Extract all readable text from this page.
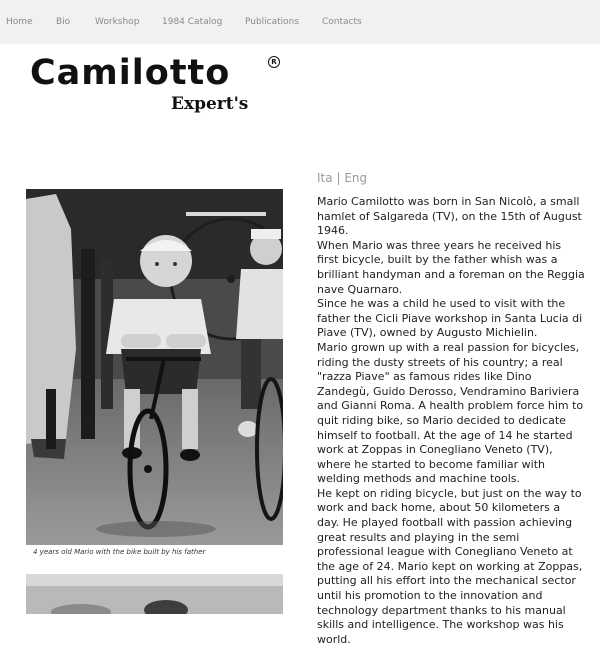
Home	Bio	Workshop	1984 Catalog	Publications	Contacts
Camilotto	R
Expert's
Ita | Eng

Mario Camilotto was born in San Nicolò, a small hamlet of Salgareda (TV), on the 15th of August 1946.

When Mario was three years he received his first bicycle, built by the father whish was a brilliant handyman and a foreman on the Reggia nave Quarnaro.

Since he was a child he used to visit with the father the Cicli Piave workshop in Santa Lucia di Piave (TV), owned by Augusto Michielin.

Mario grown up with a real passion for bicycles, riding the dusty streets of his country; a real "razza Piave" as famous rides like Dino Zandegù, Guido Derosso, Vendramino Bariviera and Gianni Roma. A health problem force him to quit riding bike, so Mario decided to dedicate himself to football. At the age of 14 he started work at Zoppas in Conegliano Veneto (TV), where he started to become familiar with welding methods and machine tools.

He kept on riding bicycle, but just on the way to work and back home, about 50 kilometers a day. He played football with passion achieving great results and playing in the semi professional league with Conegliano Veneto at the age of 24. Mario kept on working at Zoppas, putting all his effort into the mechanical sector until his promotion to the innovation and technology department thanks to his manual skills and intelligence. The workshop was his world.

4 years old Mario with the bike built by his father
